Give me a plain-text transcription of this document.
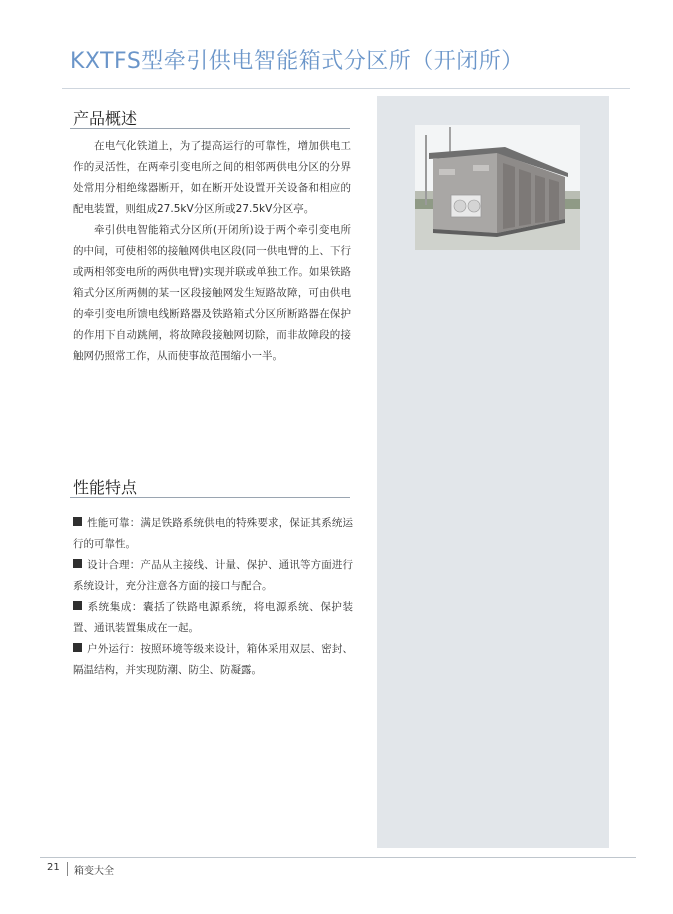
KXTFS型牵引供电智能箱式分区所（开闭所）
产品概述

在电气化铁道上，为了提高运行的可靠性，增加供电工作的灵活性，在两牵引变电所之间的相邻两供电分区的分界处常用分相绝缘器断开，如在断开处设置开关设备和相应的配电装置，则组成27.5kV分区所或27.5kV分区亭。

牵引供电智能箱式分区所(开闭所)设于两个牵引变电所的中间，可使相邻的接触网供电区段(同一供电臂的上、下行或两相邻变电所的两供电臂)实现并联或单独工作。如果铁路箱式分区所两侧的某一区段接触网发生短路故障，可由供电的牵引变电所馈电线断路器及铁路箱式分区所断路器在保护的作用下自动跳闸，将故障段接触网切除，而非故障段的接触网仍照常工作，从而使事故范围缩小一半。

性能特点

性能可靠：满足铁路系统供电的特殊要求，保证其系统运行的可靠性。

设计合理：产品从主接线、计量、保护、通讯等方面进行系统设计，充分注意各方面的接口与配合。

系统集成：囊括了铁路电源系统，将电源系统、保护装置、通讯装置集成在一起。

户外运行：按照环境等级来设计，箱体采用双层、密封、隔温结构，并实现防潮、防尘、防凝露。

21 箱变大全
